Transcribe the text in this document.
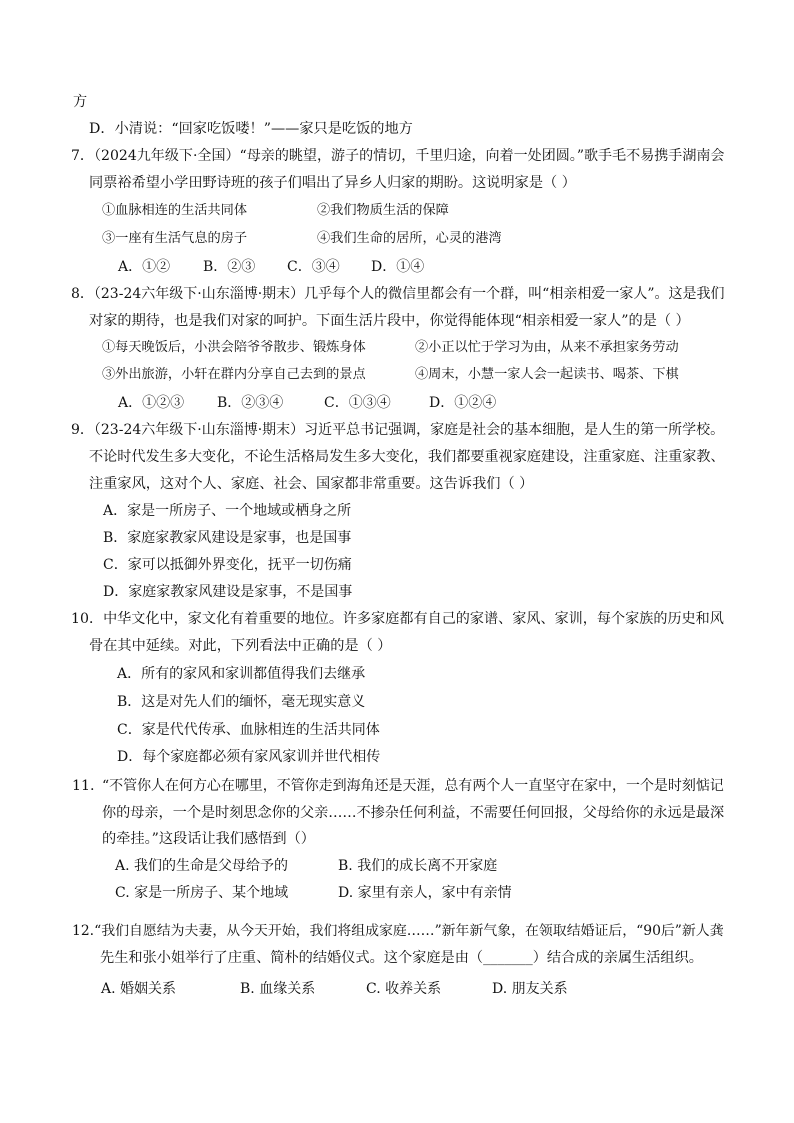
方
D．小清说：“回家吃饭喽！”——家只是吃饭的地方
7．（2024九年级下·全国）“母亲的眺望，游子的情切，千里归途，向着一处团圆。”歌手毛不易携手湖南会
同票裕希望小学田野诗班的孩子们唱出了异乡人归家的期盼。这说明家是（ ）
①血脉相连的生活共同体	②我们物质生活的保障
③一座有生活气息的房子	④我们生命的居所，心灵的港湾
A．①② B．②③ C．③④ D．①④
8．（23-24六年级下·山东淄博·期末）几乎每个人的微信里都会有一个群，叫“相亲相爱一家人”。这是我们
对家的期待，也是我们对家的呵护。下面生活片段中，你觉得能体现“相亲相爱一家人”的是（ ）
①每天晚饭后，小洪会陪爷爷散步、锻炼身体	②小正以忙于学习为由，从来不承担家务劳动
③外出旅游，小轩在群内分享自己去到的景点	④周末，小慧一家人会一起读书、喝茶、下棋
A．①②③ B．②③④	C．①③④	D．①②④
9．（23-24六年级下·山东淄博·期末）习近平总书记强调，家庭是社会的基本细胞，是人生的第一所学校。
不论时代发生多大变化，不论生活格局发生多大变化，我们都要重视家庭建设，注重家庭、注重家教、
注重家风，这对个人、家庭、社会、国家都非常重要。这告诉我们（ ）
A．家是一所房子、一个地域或栖身之所
B．家庭家教家风建设是家事，也是国事
C．家可以抵御外界变化，抚平一切伤痛
D．家庭家教家风建设是家事，不是国事
10．中华文化中，家文化有着重要的地位。许多家庭都有自己的家谱、家风、家训，每个家族的历史和风
骨在其中延续。对此，下列看法中正确的是（ ）
A．所有的家风和家训都值得我们去继承
B．这是对先人们的缅怀，毫无现实意义
C．家是代代传承、血脉相连的生活共同体
D．每个家庭都必须有家风家训并世代相传
11. “不管你人在何方心在哪里，不管你走到海角还是天涯，总有两个人一直坚守在家中，一个是时刻惦记
你的母亲，一个是时刻思念你的父亲……不掺杂任何利益，不需要任何回报，父母给你的永远是最深
的牵挂。”这段话让我们感悟到（）
A. 我们的生命是父母给予的	B. 我们的成长离不开家庭
C. 家是一所房子、某个地域	D. 家里有亲人，家中有亲情
12.“我们自愿结为夫妻，从今天开始，我们将组成家庭……”新年新气象，在领取结婚证后，“90后”新人龚
先生和张小姐举行了庄重、简朴的结婚仪式。这个家庭是由（_______）结合成的亲属生活组织。
A. 婚姻关系	B. 血缘关系	C. 收养关系	D. 朋友关系
